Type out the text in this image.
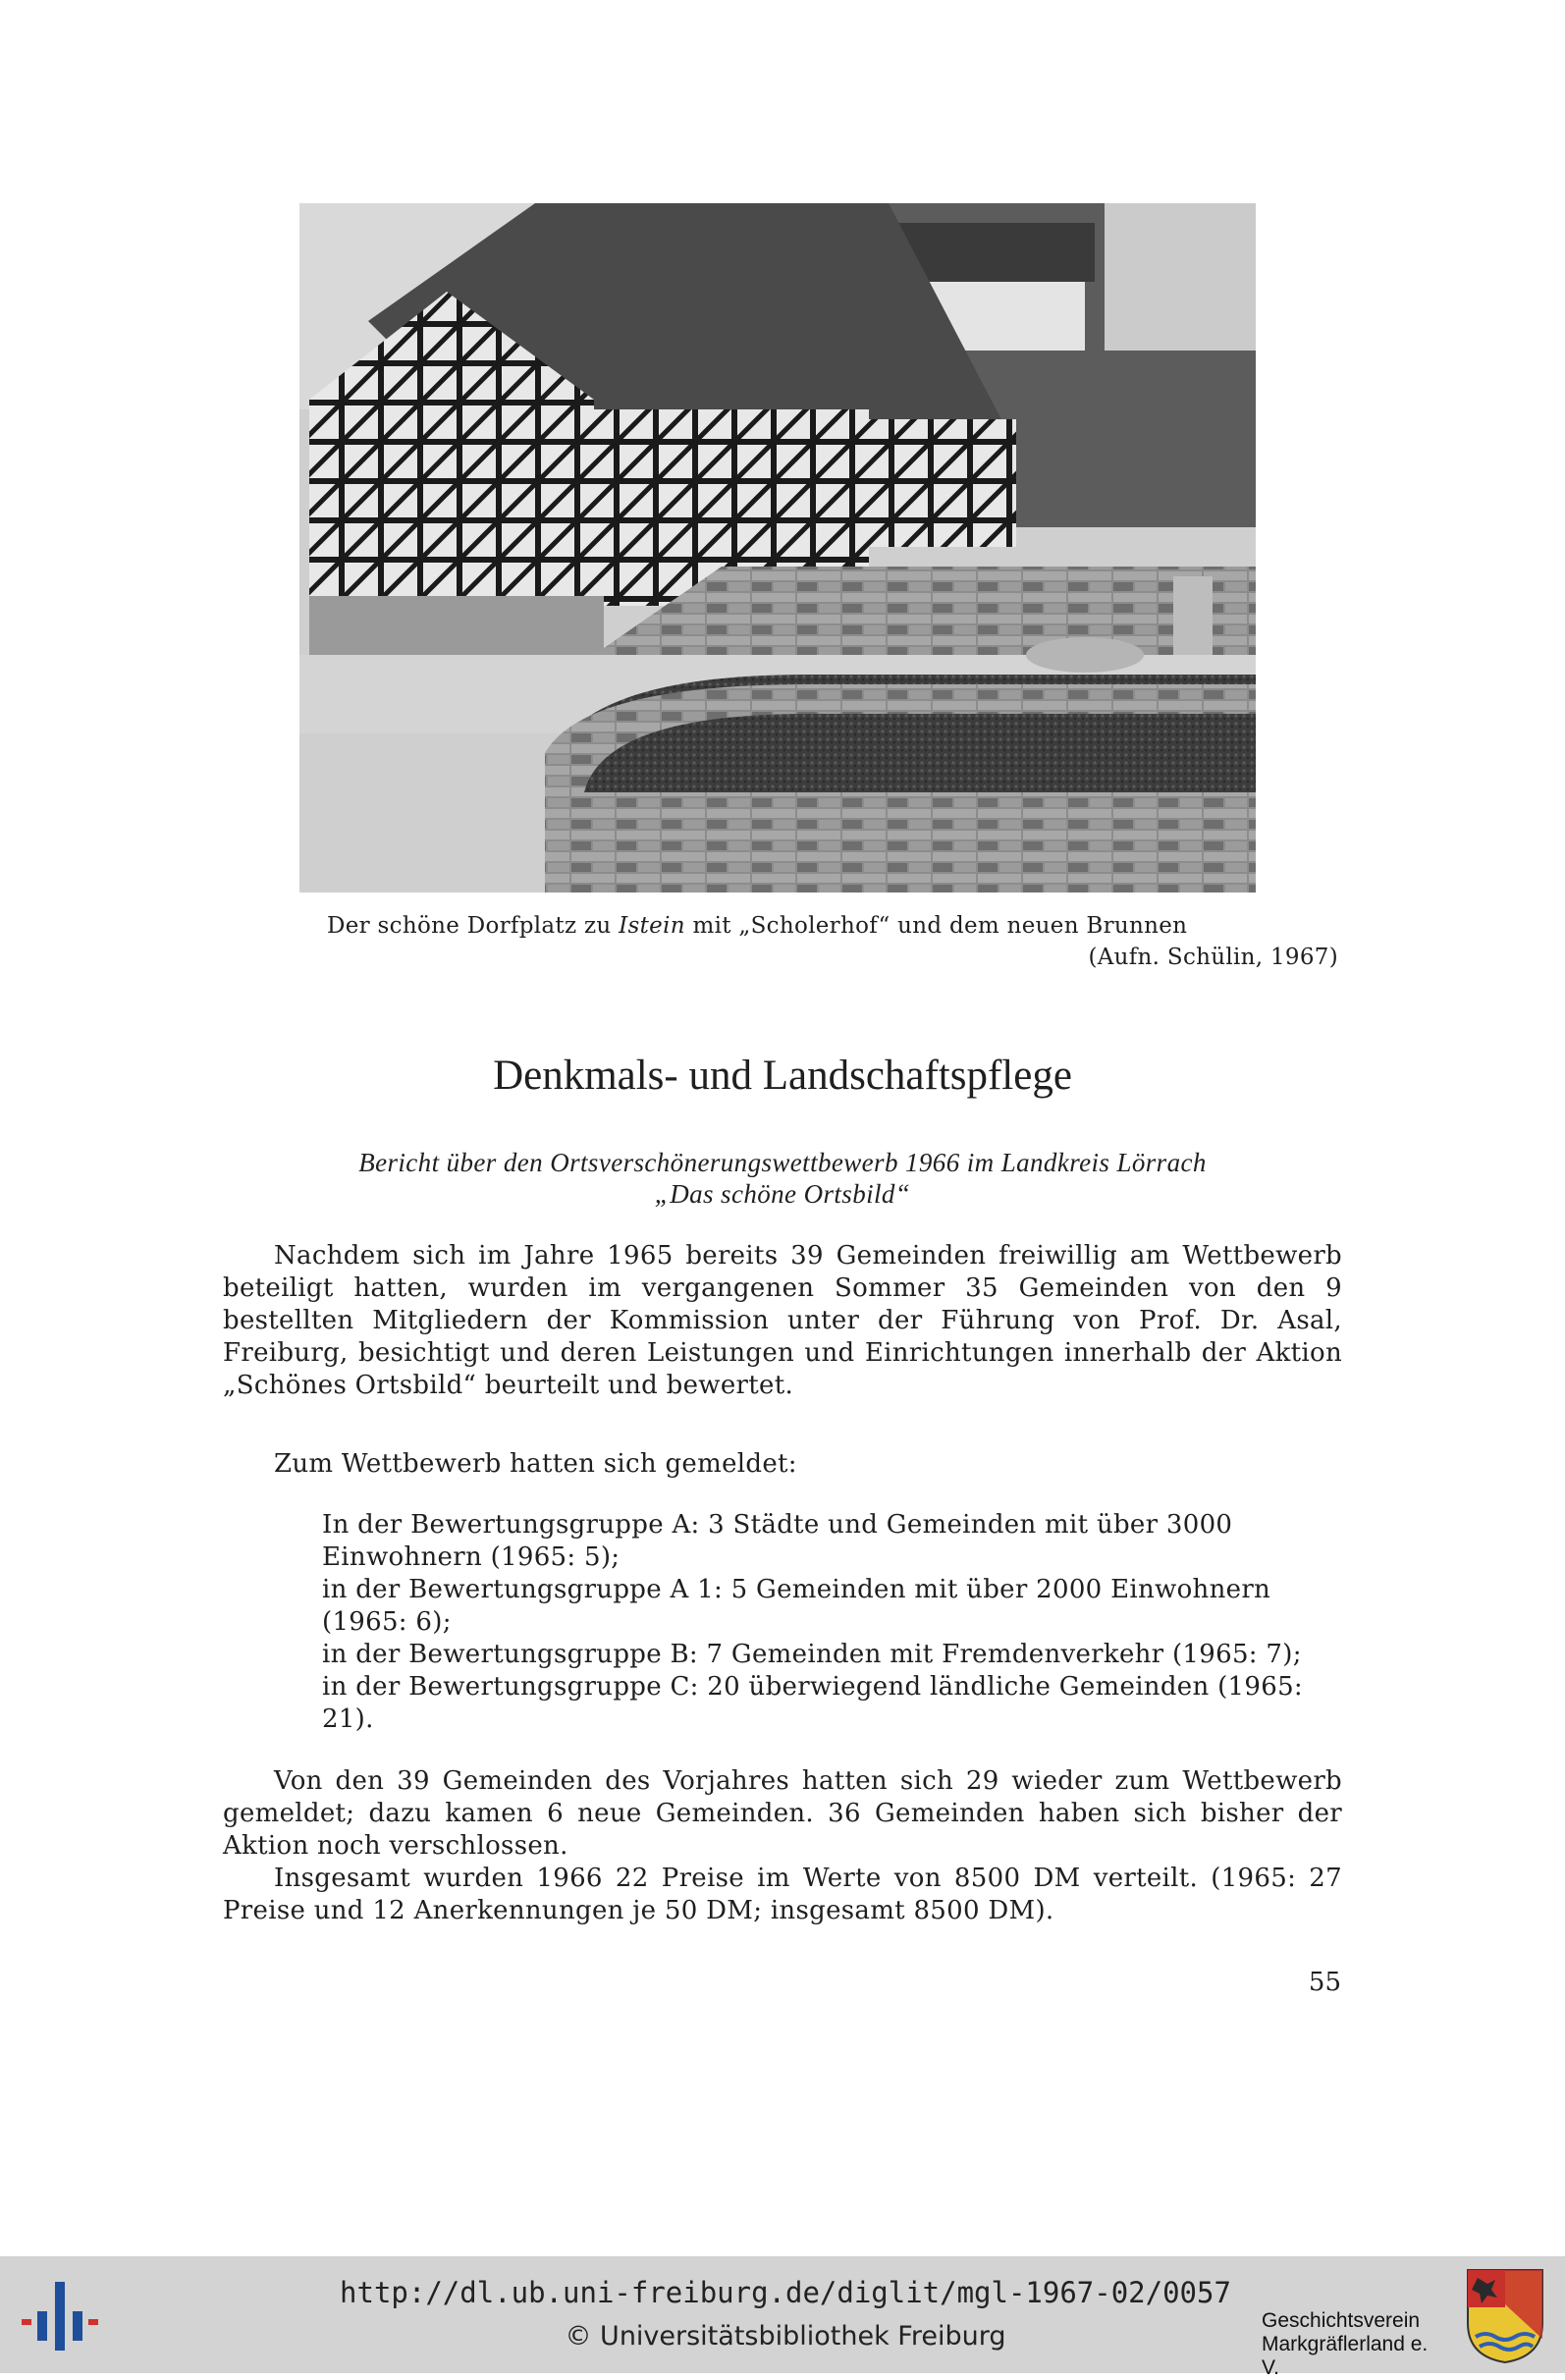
Der schöne Dorfplatz zu Istein mit „Scholerhof“ und dem neuen Brunnen
(Aufn. Schülin, 1967)
Denkmals- und Landschaftspflege
Bericht über den Ortsverschönerungswettbewerb 1966 im Landkreis Lörrach
„Das schöne Ortsbild“

Nachdem sich im Jahre 1965 bereits 39 Gemeinden freiwillig am Wettbewerb beteiligt hatten, wurden im vergangenen Sommer 35 Gemeinden von den 9 bestellten Mitgliedern der Kommission unter der Führung von Prof. Dr. Asal, Freiburg, besichtigt und deren Leistungen und Einrichtungen innerhalb der Aktion „Schönes Ortsbild“ beurteilt und bewertet.

Zum Wettbewerb hatten sich gemeldet:

In der Bewertungsgruppe A: 3 Städte und Gemeinden mit über 3000 Einwohnern (1965: 5);

in der Bewertungsgruppe A 1: 5 Gemeinden mit über 2000 Einwohnern (1965: 6);

in der Bewertungsgruppe B: 7 Gemeinden mit Fremdenverkehr (1965: 7);

in der Bewertungsgruppe C: 20 überwiegend ländliche Gemeinden (1965: 21).

Von den 39 Gemeinden des Vorjahres hatten sich 29 wieder zum Wettbewerb gemeldet; dazu kamen 6 neue Gemeinden. 36 Gemeinden haben sich bisher der Aktion noch verschlossen.

Insgesamt wurden 1966 22 Preise im Werte von 8500 DM verteilt. (1965: 27 Preise und 12 Anerkennungen je 50 DM; insgesamt 8500 DM).

55
http://dl.ub.uni-freiburg.de/diglit/mgl-1967-02/0057
© Universitätsbibliothek Freiburg
Geschichtsverein
Markgräflerland e. V.
